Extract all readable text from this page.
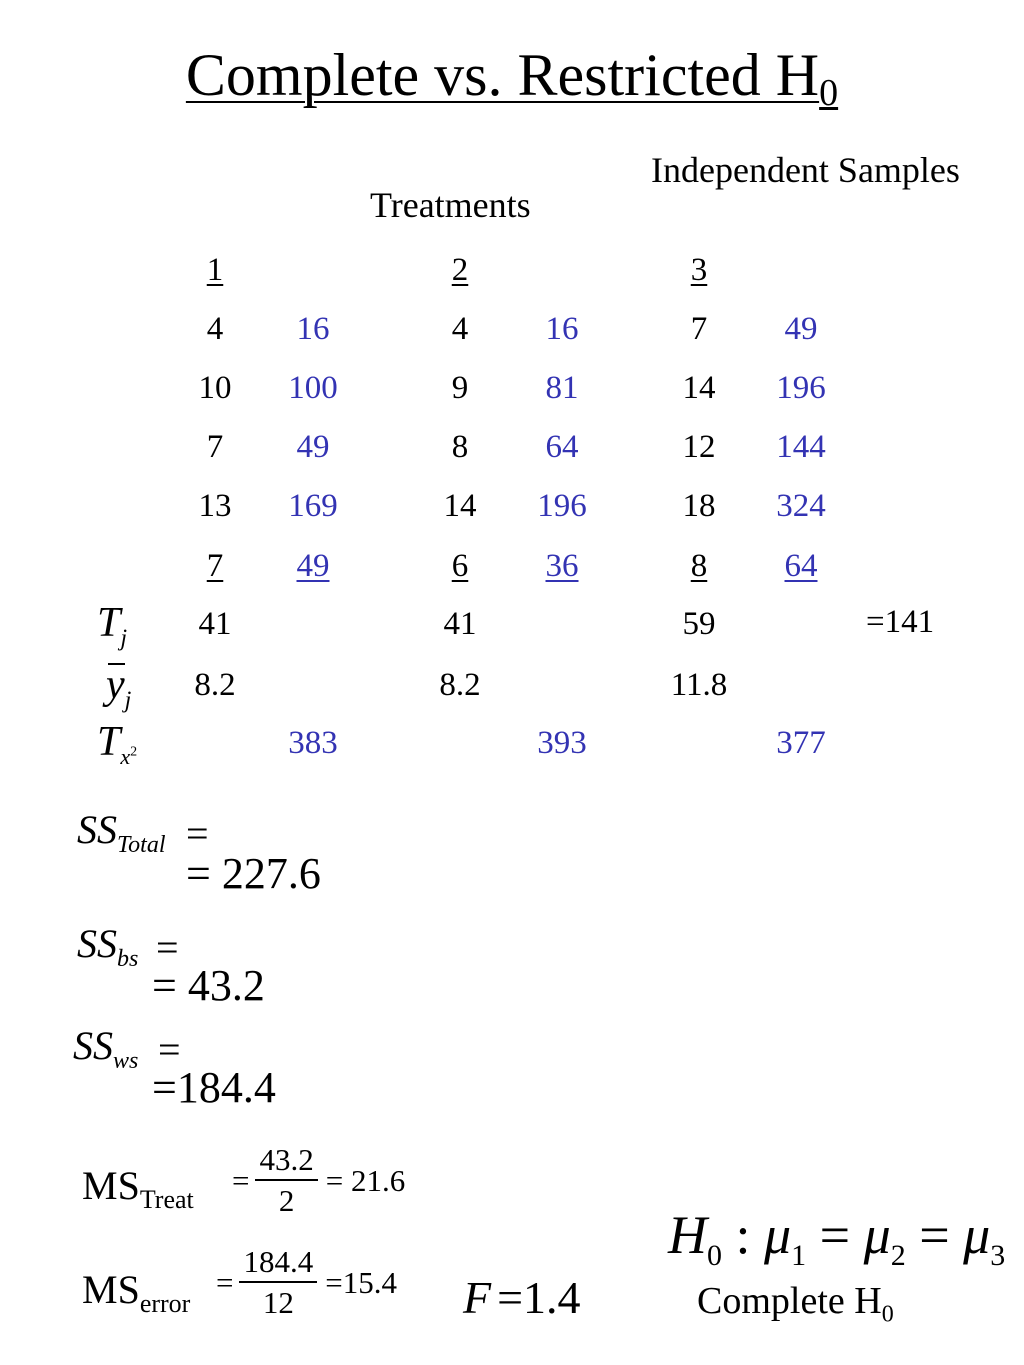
Complete vs. Restricted $H_0$
Independent Samples
Treatments
1	2	3
4 16	4 16	7 49
10 100	9 81	14 196
7 49	8 64	12 144
13 169	14 196	18 324
7 49	6 36	8 64
$T_j$ 41	41	59	=141
$y_j$ 8.2	8.2	11.8
$T_{x^2}$	383	393	377
$SS_{Total}$ =
= 227.6
$SS_{bs}$ =
= 43.2
$SS_{ws}$ =
=184.4
$MS_{Treat}$
= $\frac{43.2}{2} = 21.6$
$MS_{error}$
= $\frac{184.4}{12} =15.4$ F =1.4
$H_0$ : $\mu_1 = \mu_2 = \mu_3$
Complete $H_0$
